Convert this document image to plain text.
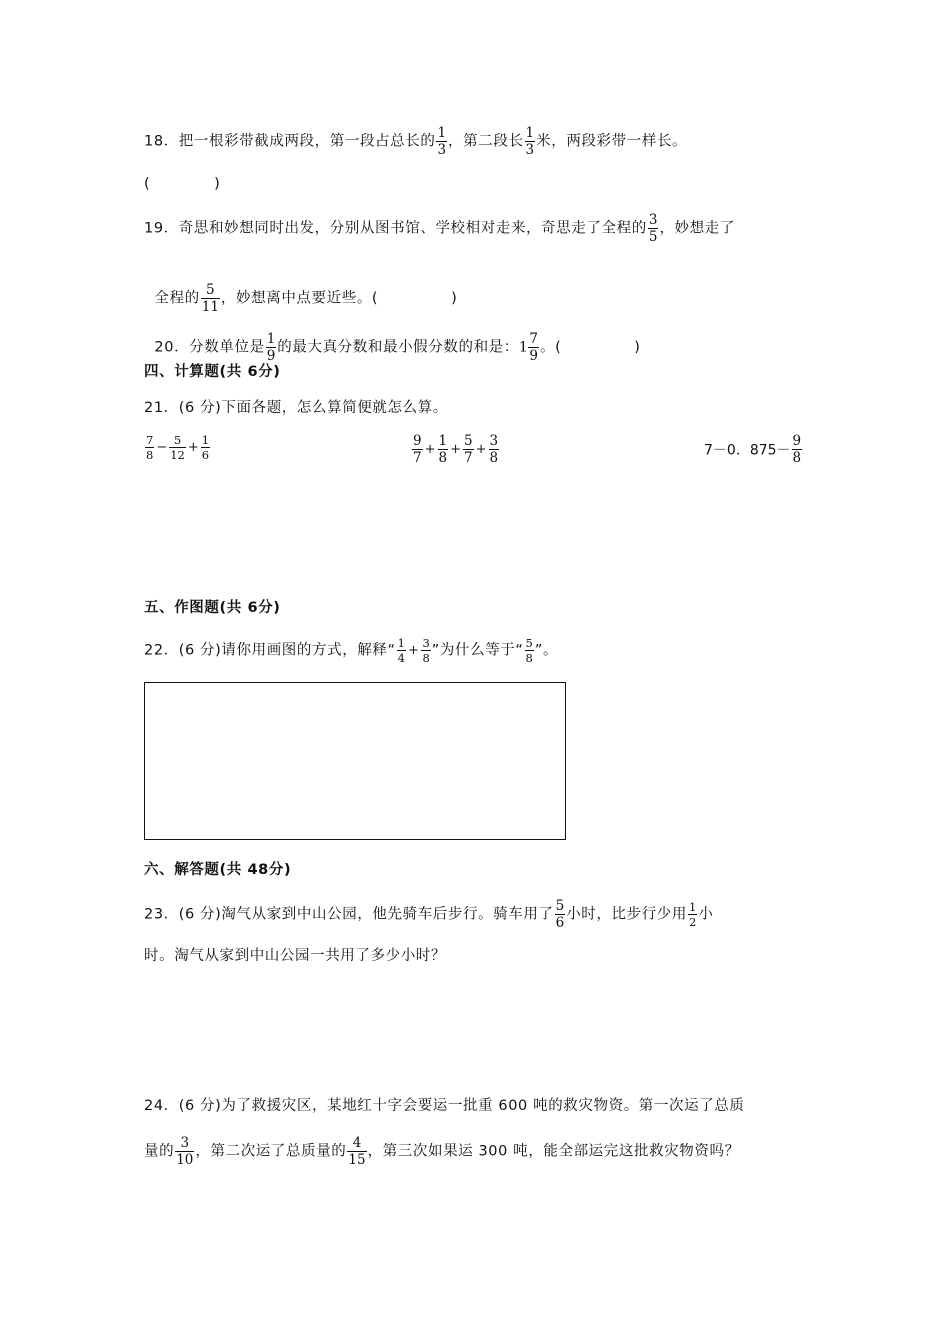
18．把一根彩带截成两段，第一段占总长的 $\frac{1}{3}$ ，第二段长 $\frac{1}{3}$ 米，两段彩带一样长。
(              )
19．奇思和妙想同时出发，分别从图书馆、学校相对走来，奇思走了全程的 $\frac{3}{5}$ ，妙想走了

全程的 $\frac{5}{11}$ ，妙想离中点要近些。(              )

20．分数单位是 $\frac{1}{9}$ 的最大真分数和最小假分数的和是：$1 \frac{7}{9}$ 。(              )

四、计算题(共 6分)
21．(6 分)下面各题，怎么算简便就怎么算。
$\frac{7}{8} - \frac{5}{12} + \frac{1}{6}$	$\frac{9}{7} + \frac{1}{8} + \frac{5}{7} + \frac{3}{8}$	7－0．$875- \frac{9}{8}$
五、作图题(共 6分)
22．(6 分)请你用画图的方式，解释“ $\frac{1}{4} + \frac{3}{8}$ ”为什么等于“ $\frac{5}{8}$ ”。
六、解答题(共 48分)
23．(6 分)淘气从家到中山公园，他先骑车后步行。骑车用了 $\frac{5}{6}$ 小时，比步行少用 $\frac{1}{2}$ 小
时。淘气从家到中山公园一共用了多少小时？
24．(6 分)为了救援灾区，某地红十字会要运一批重 600 吨的救灾物资。第一次运了总质
量的 $\frac{3}{10}$ ，第二次运了总质量的 $\frac{4}{15}$ ，第三次如果运 300 吨，能全部运完这批救灾物资吗？
